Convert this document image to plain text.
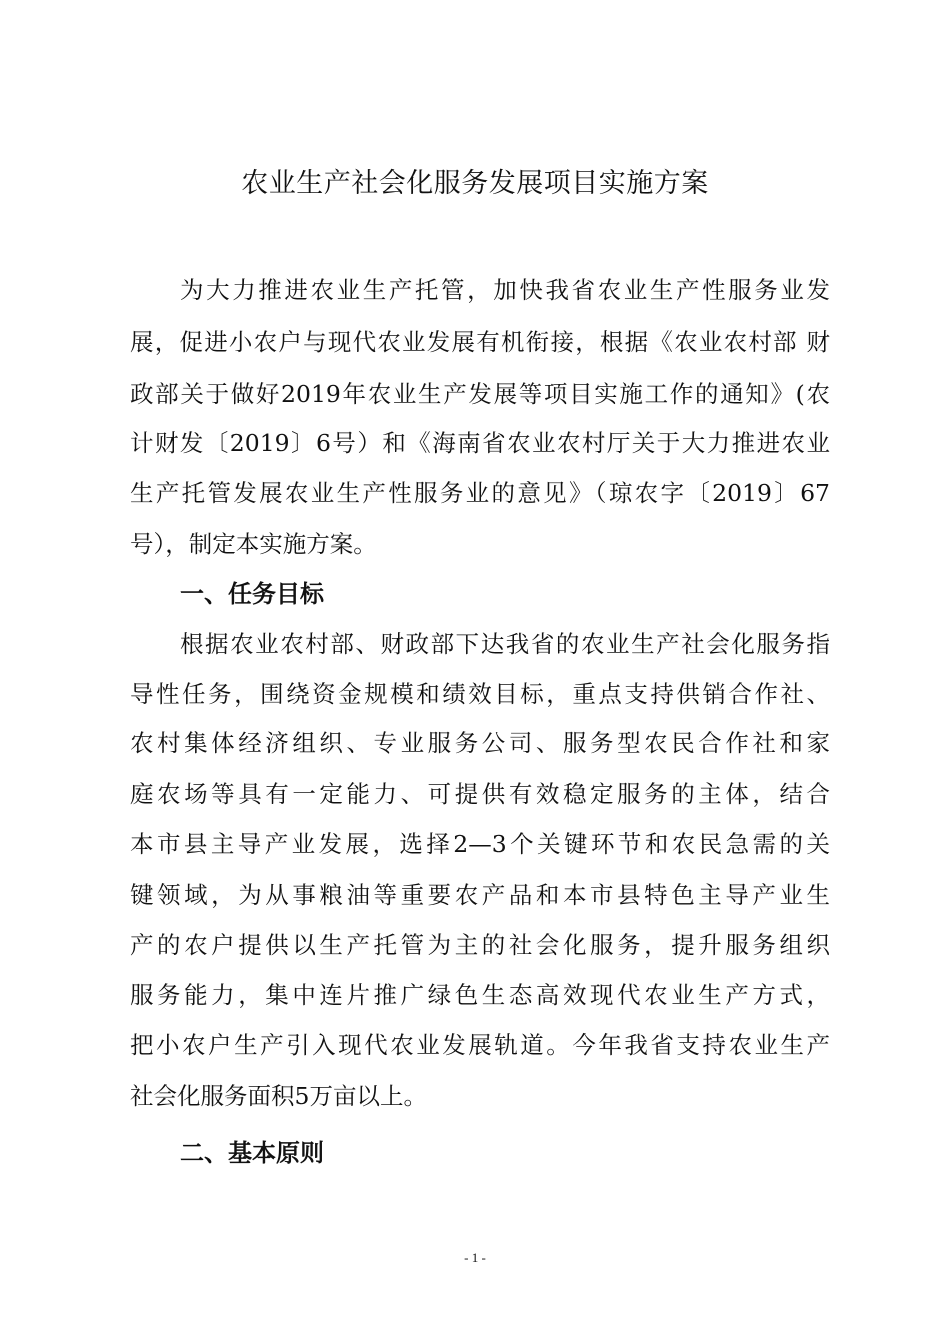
农业生产社会化服务发展项目实施方案
为大力推进农业生产托管，加快我省农业生产性服务业发
展，促进小农户与现代农业发展有机衔接，根据《农业农村部 财
政部关于做好2019年农业生产发展等项目实施工作的通知》(农
计财发〔2019〕6号）和《海南省农业农村厅关于大力推进农业
生产托管发展农业生产性服务业的意见》（琼农字〔2019〕67
号），制定本实施方案。
一、任务目标
根据农业农村部、财政部下达我省的农业生产社会化服务指
导性任务，围绕资金规模和绩效目标，重点支持供销合作社、
农村集体经济组织、专业服务公司、服务型农民合作社和家
庭农场等具有一定能力、可提供有效稳定服务的主体，结合
本市县主导产业发展，选择2—3个关键环节和农民急需的关
键领域，为从事粮油等重要农产品和本市县特色主导产业生
产的农户提供以生产托管为主的社会化服务，提升服务组织
服务能力，集中连片推广绿色生态高效现代农业生产方式，
把小农户生产引入现代农业发展轨道。今年我省支持农业生产
社会化服务面积5万亩以上。
二、基本原则
- 1 -
